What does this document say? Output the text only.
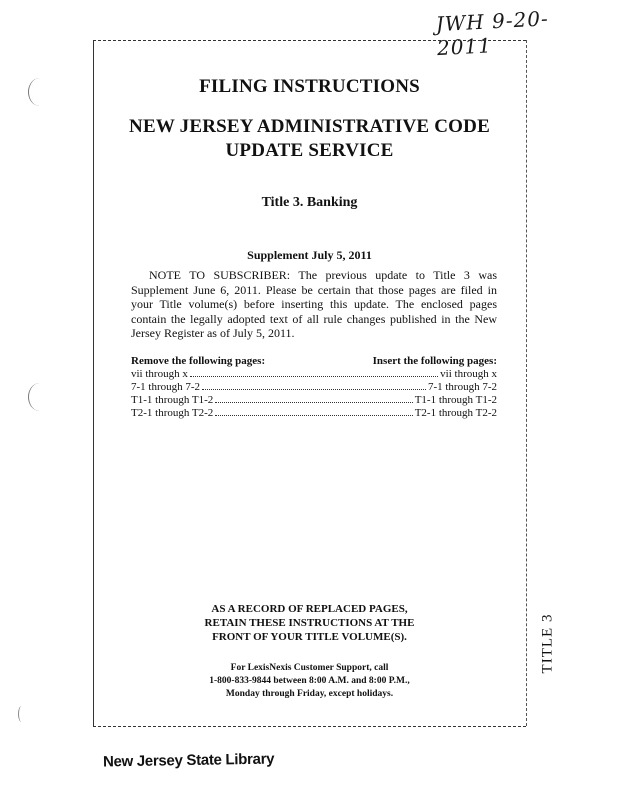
JWH 9-20-2011
FILING INSTRUCTIONS
NEW JERSEY ADMINISTRATIVE CODE
UPDATE SERVICE
Title 3. Banking
Supplement July 5, 2011
NOTE TO SUBSCRIBER: The previous update to Title 3 was Supplement June 6, 2011. Please be certain that those pages are filed in your Title volume(s) before inserting this update. The enclosed pages contain the legally adopted text of all rule changes published in the New Jersey Register as of July 5, 2011.
Remove the following pages:	Insert the following pages:
vii through x	vii through x
7-1 through 7-2	7-1 through 7-2
T1-1 through T1-2	T1-1 through T1-2
T2-1 through T2-2	T2-1 through T2-2
AS A RECORD OF REPLACED PAGES,
RETAIN THESE INSTRUCTIONS AT THE
FRONT OF YOUR TITLE VOLUME(S).
For LexisNexis Customer Support, call
1-800-833-9844 between 8:00 A.M. and 8:00 P.M.,
Monday through Friday, except holidays.
TITLE 3
New Jersey State Library
